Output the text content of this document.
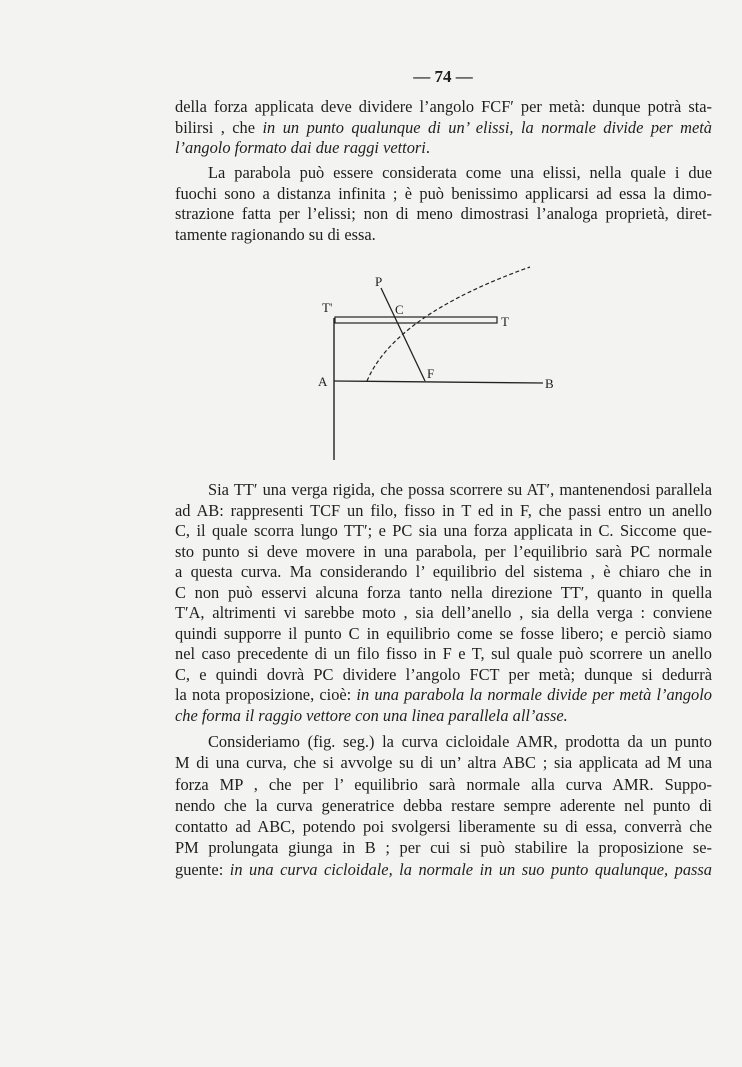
— 74 —
della forza applicata deve dividere l’angolo FCF′ per metà: dunque potrà sta-
bilirsi , che in un punto qualunque di un’ elissi, la normale divide per metà
l’angolo formato dai due raggi vettori.
La parabola può essere considerata come una elissi, nella quale i due
fuochi sono a distanza infinita ; è può benissimo applicarsi ad essa la dimo-
strazione fatta per l’elissi; non di meno dimostrasi l’analoga proprietà, diret-
tamente ragionando su di essa.
P
C
T'
T
A
F
B
Sia TT′ una verga rigida, che possa scorrere su AT′, mantenendosi parallela
ad AB: rappresenti TCF un filo, fisso in T ed in F, che passi entro un anello
C, il quale scorra lungo TT′; e PC sia una forza applicata in C. Siccome que-
sto punto si deve movere in una parabola, per l’equilibrio sarà PC normale
a questa curva. Ma considerando l’ equilibrio del sistema , è chiaro che in
C non può esservi alcuna forza tanto nella direzione TT′, quanto in quella
T′A, altrimenti vi sarebbe moto , sia dell’anello , sia della verga : conviene
quindi supporre il punto C in equilibrio come se fosse libero; e perciò siamo
nel caso precedente di un filo fisso in F e T, sul quale può scorrere un anello
C, e quindi dovrà PC dividere l’angolo FCT per metà; dunque si dedurrà
la nota proposizione, cioè: in una parabola la normale divide per metà l’angolo
che forma il raggio vettore con una linea parallela all’asse.
Consideriamo (fig. seg.) la curva cicloidale AMR, prodotta da un punto
M di una curva, che si avvolge su di un’ altra ABC ; sia applicata ad M una
forza MP , che per l’ equilibrio sarà normale alla curva AMR. Suppo-
nendo che la curva generatrice debba restare sempre aderente nel punto di
contatto ad ABC, potendo poi svolgersi liberamente su di essa, converrà che
PM prolungata giunga in B ; per cui si può stabilire la proposizione se-
guente: in una curva cicloidale, la normale in un suo punto qualunque, passa
